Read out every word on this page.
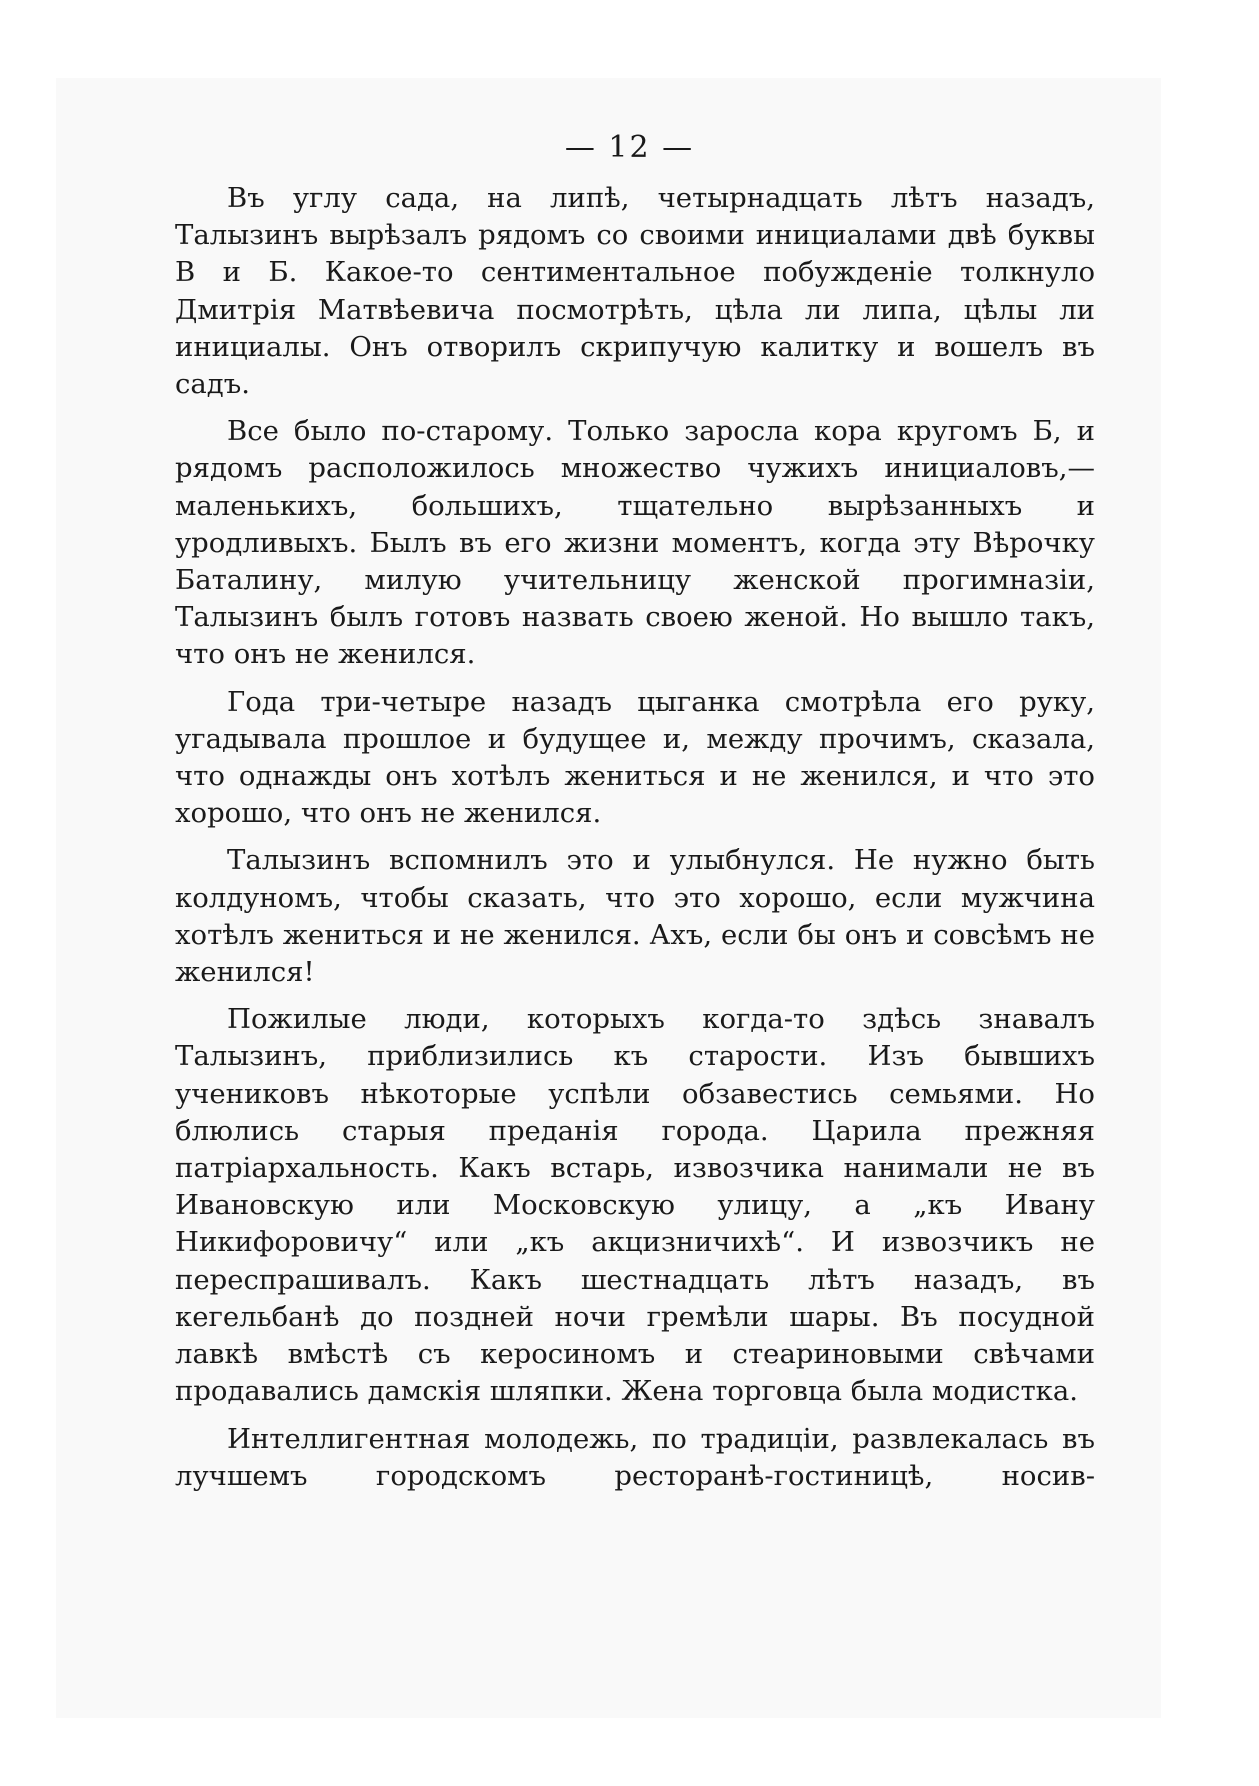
— 12 —

Въ углу сада, на липѣ, четырнадцать лѣтъ назадъ, Талызинъ вырѣзалъ рядомъ со своими инициалами двѣ буквы В и Б. Какое-то сентиментальное побужденіе толкнуло Дмитрія Матвѣевича посмотрѣть, цѣла ли липа, цѣлы ли инициалы. Онъ отворилъ скрипучую калитку и вошелъ въ садъ.

Все было по-старому. Только заросла кора кругомъ Б, и рядомъ расположилось множество чужихъ инициаловъ,—маленькихъ, большихъ, тщательно вырѣзанныхъ и уродливыхъ. Былъ въ его жизни моментъ, когда эту Вѣрочку Баталину, милую учительницу женской прогимназіи, Талызинъ былъ готовъ назвать своею женой. Но вышло такъ, что онъ не женился.

Года три-четыре назадъ цыганка смотрѣла его руку, угадывала прошлое и будущее и, между прочимъ, сказала, что однажды онъ хотѣлъ жениться и не женился, и что это хорошо, что онъ не женился.

Талызинъ вспомнилъ это и улыбнулся. Не нужно быть колдуномъ, чтобы сказать, что это хорошо, если мужчина хотѣлъ жениться и не женился. Ахъ, если бы онъ и совсѣмъ не женился!

Пожилые люди, которыхъ когда-то здѣсь знавалъ Талызинъ, приблизились къ старости. Изъ бывшихъ учениковъ нѣкоторые успѣли обзавестись семьями. Но блюлись старыя преданія города. Царила прежняя патріархальность. Какъ встарь, извозчика нанимали не въ Ивановскую или Московскую улицу, а „къ Ивану Никифоровичу“ или „къ акцизничихѣ“. И извозчикъ не переспрашивалъ. Какъ шестнадцать лѣтъ назадъ, въ кегельбанѣ до поздней ночи гремѣли шары. Въ посудной лавкѣ вмѣстѣ съ керосиномъ и стеариновыми свѣчами продавались дамскія шляпки. Жена торговца была модистка.

Интеллигентная молодежь, по традиціи, развлекалась въ лучшемъ городскомъ ресторанѣ-гостиницѣ, носив-
